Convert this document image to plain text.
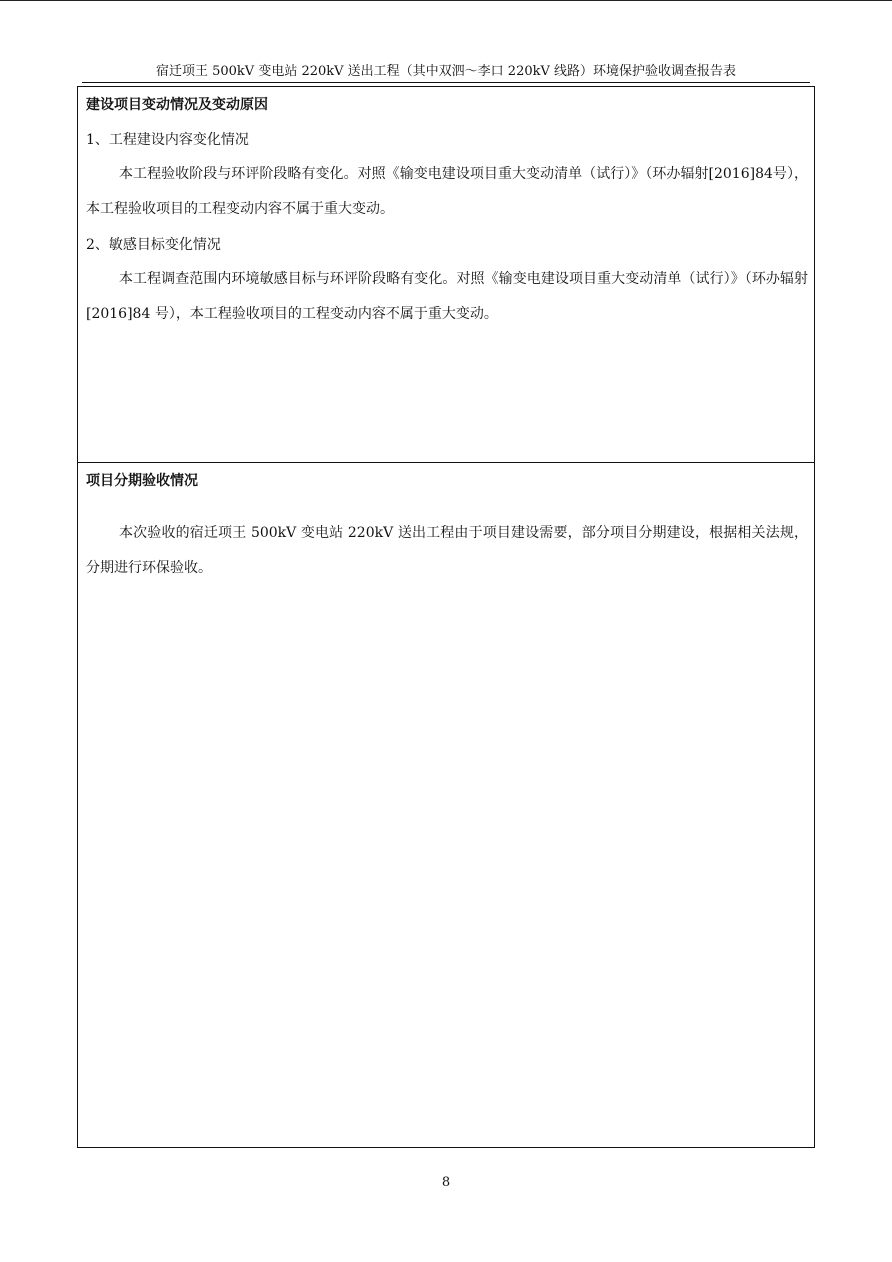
宿迁项王 500kV 变电站 220kV 送出工程（其中双泗～李口 220kV 线路）环境保护验收调查报告表
建设项目变动情况及变动原因
1、工程建设内容变化情况

本工程验收阶段与环评阶段略有变化。对照《输变电建设项目重大变动清单（试行）》（环办辐射[2016]84号），本工程验收项目的工程变动内容不属于重大变动。

2、敏感目标变化情况

本工程调查范围内环境敏感目标与环评阶段略有变化。对照《输变电建设项目重大变动清单（试行）》（环办辐射[2016]84 号），本工程验收项目的工程变动内容不属于重大变动。

项目分期验收情况

本次验收的宿迁项王 500kV 变电站 220kV 送出工程由于项目建设需要，部分项目分期建设，根据相关法规，分期进行环保验收。

8
